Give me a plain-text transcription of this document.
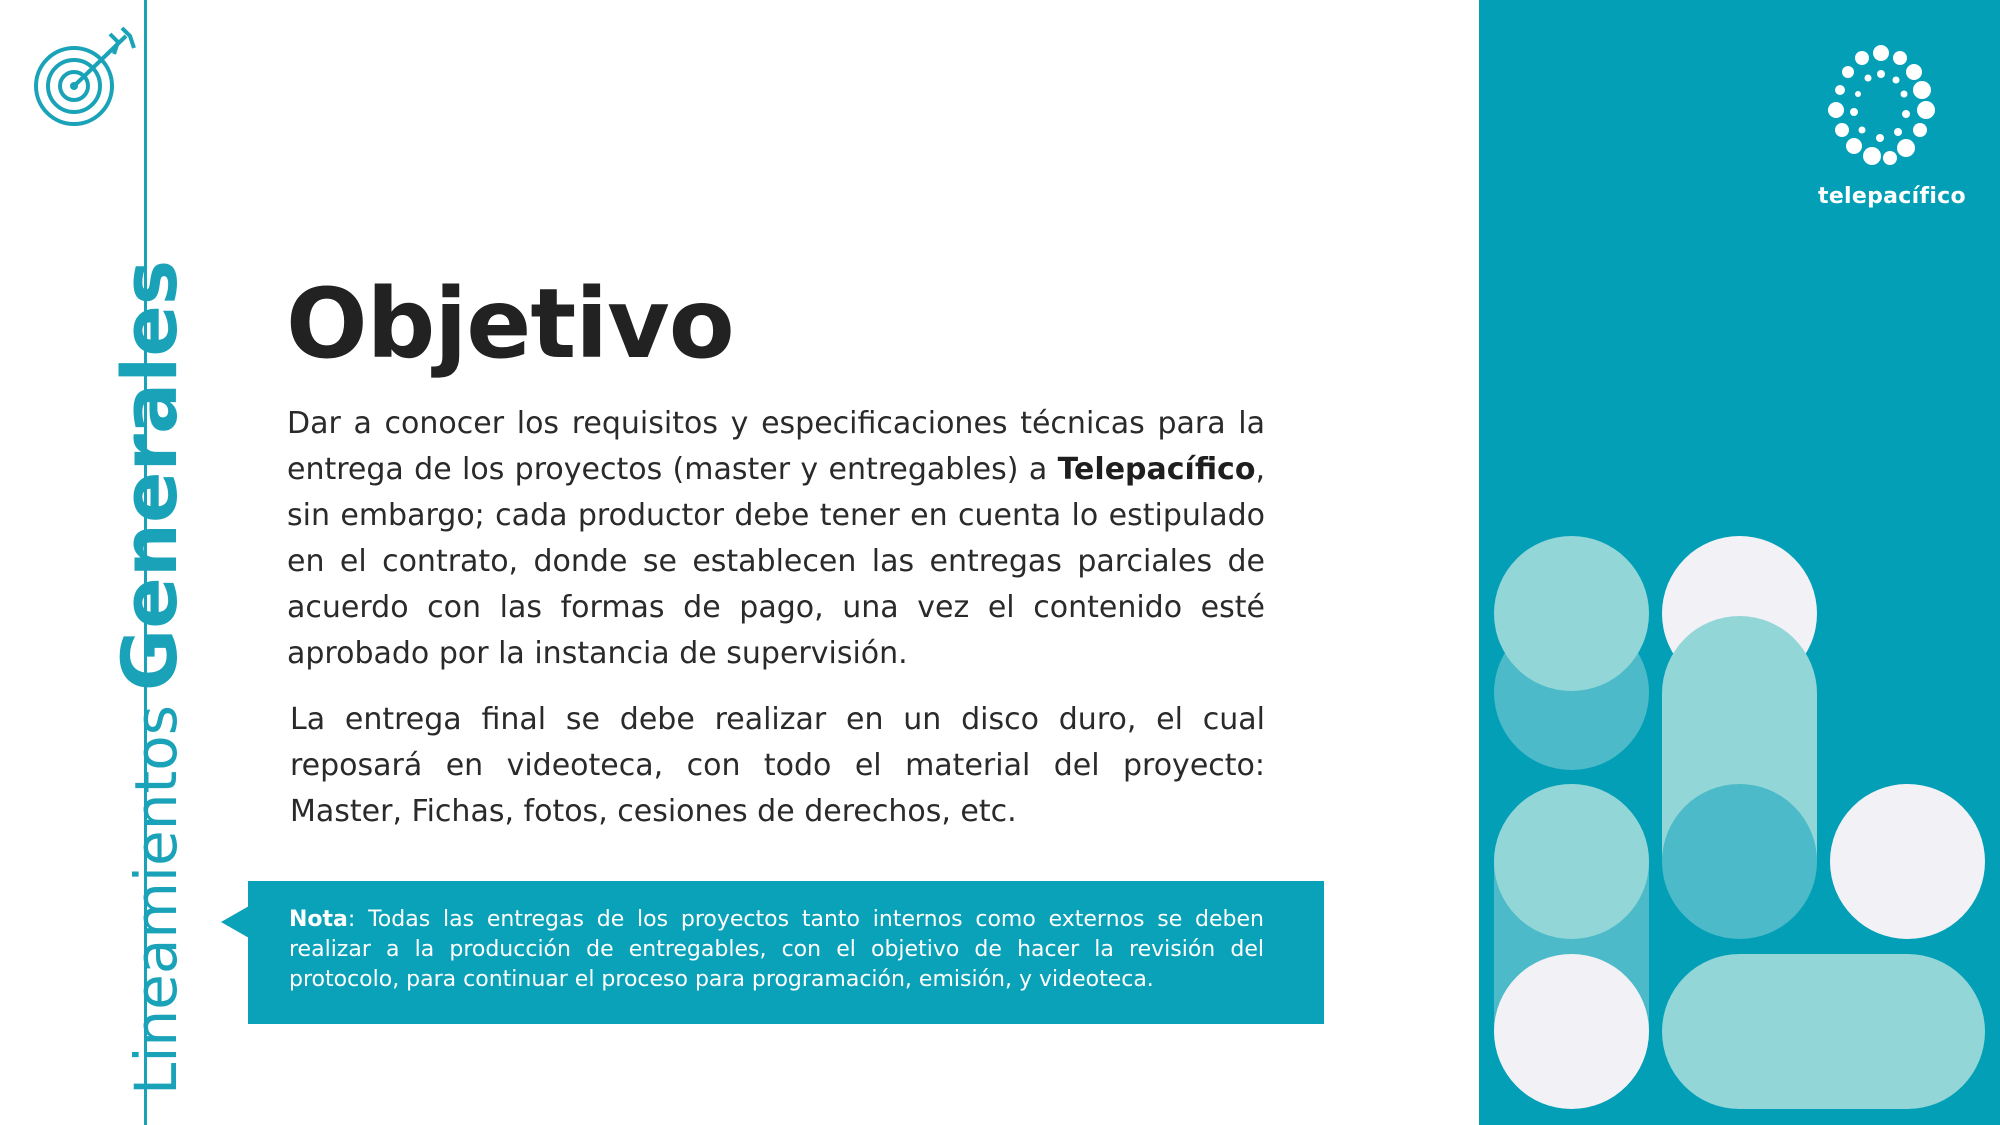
LineamientosGenerales Objetivo

Dar a conocer los requisitos y especificaciones técnicas para la entrega de los proyectos (master y entregables) a Telepacífico, sin embargo; cada productor debe tener en cuenta lo estipulado en el contrato, donde se establecen las entregas parciales de acuerdo con las formas de pago, una vez el contenido esté aprobado por la instancia de supervisión.

La entrega final se debe realizar en un disco duro, el cual reposará en videoteca, con todo el material del proyecto: Master, Fichas, fotos, cesiones de derechos, etc.

Nota: Todas las entregas de los proyectos tanto internos como externos se deben realizar a la producción de entregables, con el objetivo de hacer la revisión del protocolo, para continuar el proceso para programación, emisión, y videoteca.

telepacífico
